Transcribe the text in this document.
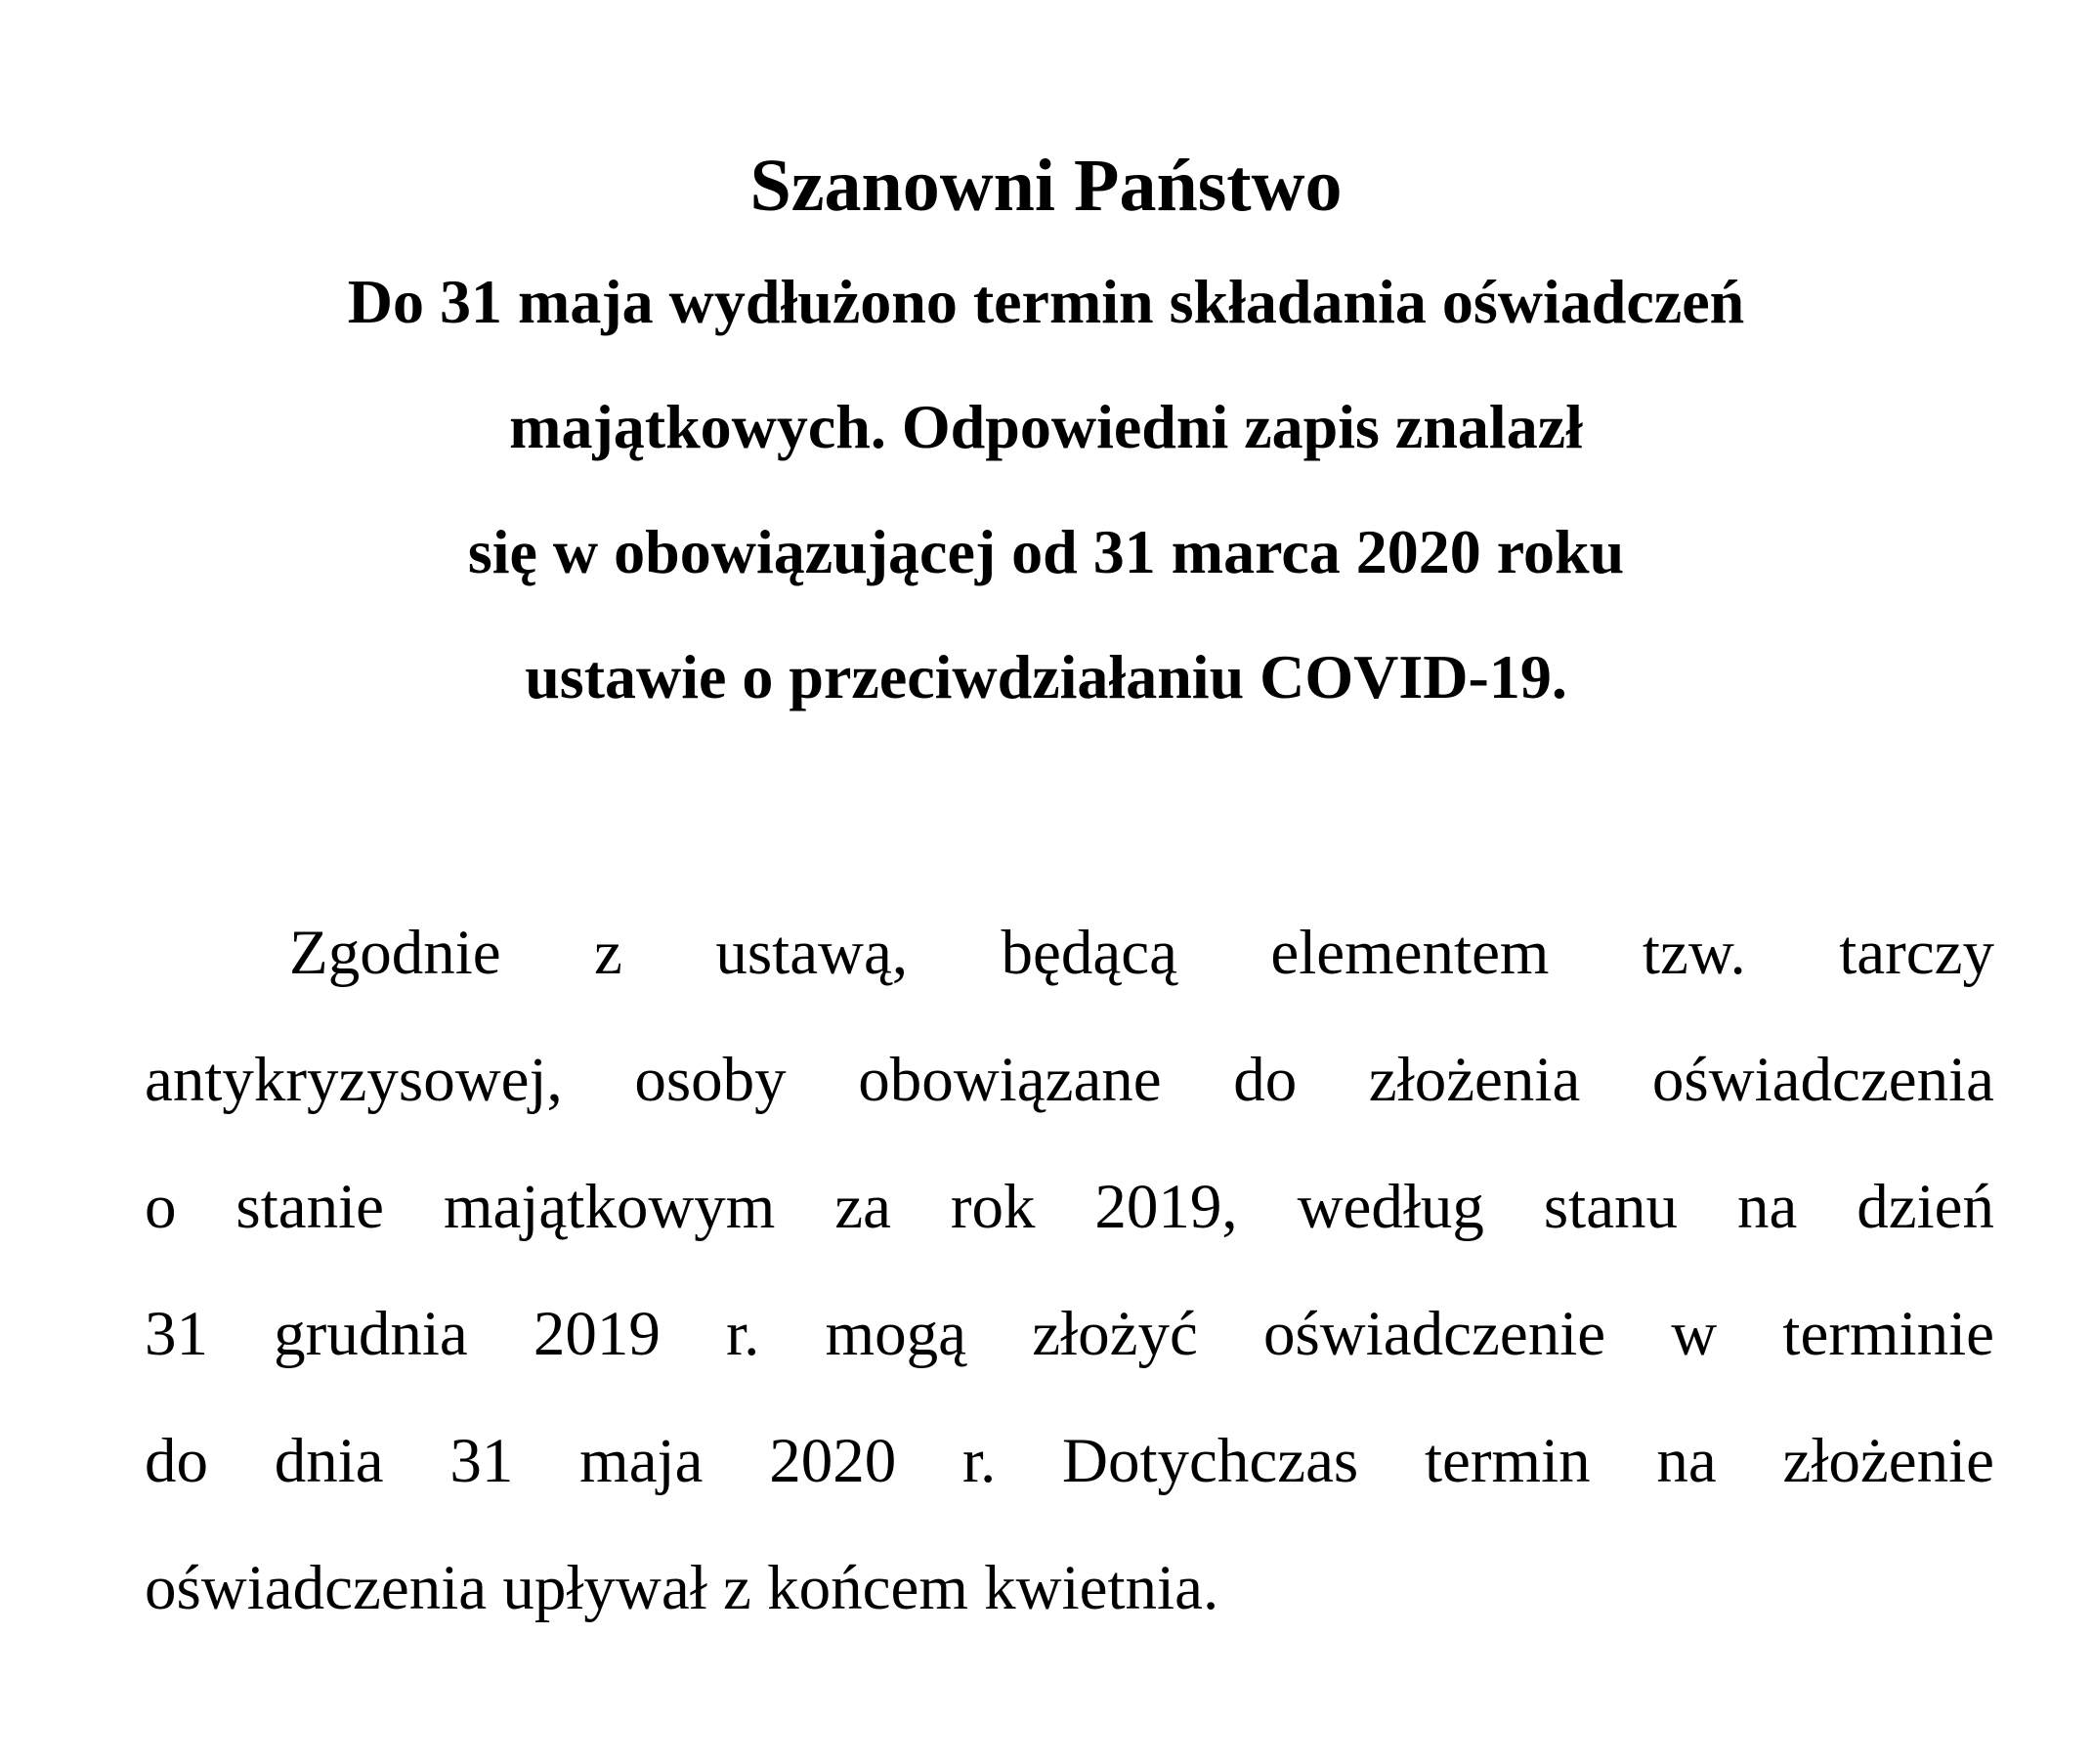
Szanowni Państwo

Do 31 maja wydłużono termin składania oświadczeń

majątkowych. Odpowiedni zapis znalazł

się w obowiązującej od 31 marca 2020 roku

ustawie o przeciwdziałaniu COVID-19.

Zgodnie z ustawą, będącą elementem tzw. tarczy
antykryzysowej, osoby obowiązane do złożenia oświadczenia
o stanie majątkowym za rok 2019, według stanu na dzień
31 grudnia 2019 r. mogą złożyć oświadczenie w terminie
do dnia 31 maja 2020 r. Dotychczas termin na złożenie
oświadczenia upływał z końcem kwietnia.
